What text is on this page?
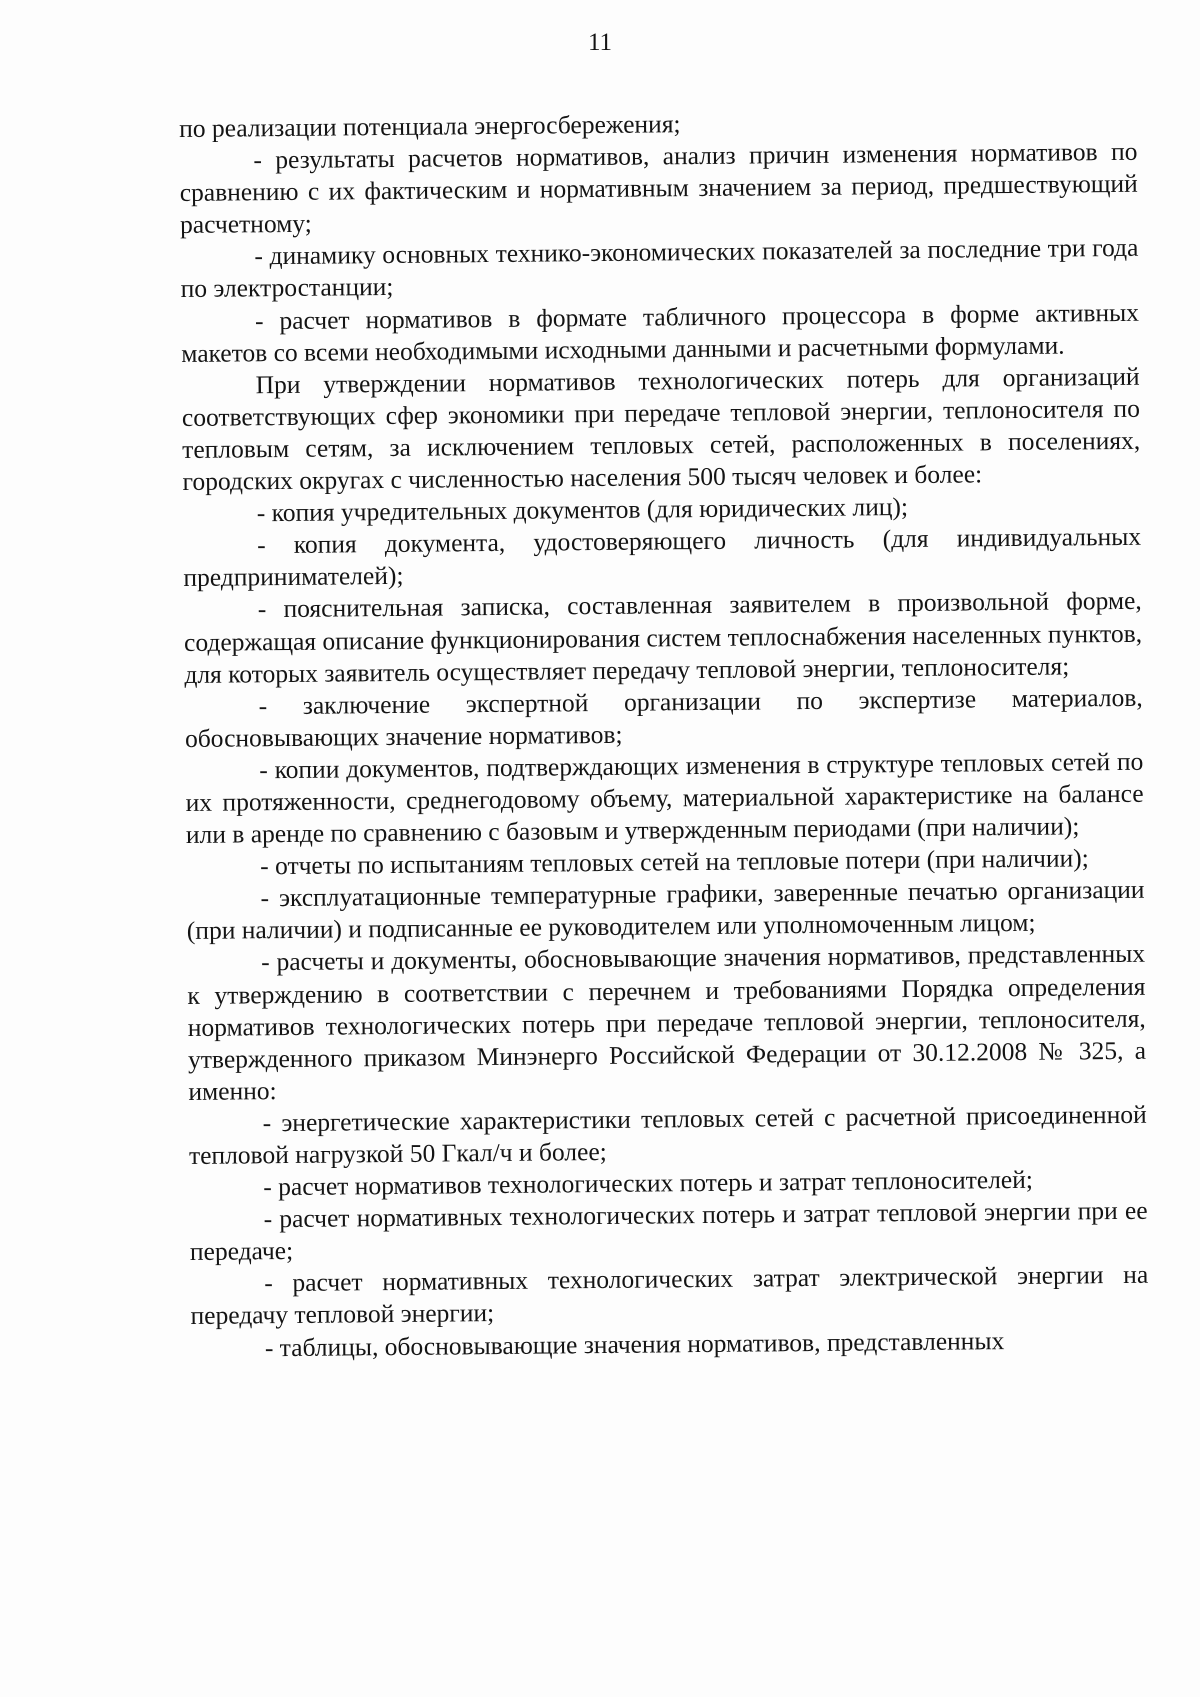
11

по реализации потенциала энергосбережения;

- результаты расчетов нормативов, анализ причин изменения нормативов по сравнению с их фактическим и нормативным значением за период, предшествующий расчетному;

- динамику основных технико-экономических показателей за последние три года по электростанции;

- расчет нормативов в формате табличного процессора в форме активных макетов со всеми необходимыми исходными данными и расчетными формулами.

При утверждении нормативов технологических потерь для организаций соответствующих сфер экономики при передаче тепловой энергии, теплоносителя по тепловым сетям, за исключением тепловых сетей, расположенных в поселениях, городских округах с численностью населения 500 тысяч человек и более:

- копия учредительных документов (для юридических лиц);

- копия документа, удостоверяющего личность (для индивидуальных предпринимателей);

- пояснительная записка, составленная заявителем в произвольной форме, содержащая описание функционирования систем теплоснабжения населенных пунктов, для которых заявитель осуществляет передачу тепловой энергии, теплоносителя;

- заключение экспертной организации по экспертизе материалов, обосновывающих значение нормативов;

- копии документов, подтверждающих изменения в структуре тепловых сетей по их протяженности, среднегодовому объему, материальной характеристике на балансе или в аренде по сравнению с базовым и утвержденным периодами (при наличии);

- отчеты по испытаниям тепловых сетей на тепловые потери (при наличии);

- эксплуатационные температурные графики, заверенные печатью организации (при наличии) и подписанные ее руководителем или уполномоченным лицом;

- расчеты и документы, обосновывающие значения нормативов, представленных к утверждению в соответствии с перечнем и требованиями Порядка определения нормативов технологических потерь при передаче тепловой энергии, теплоносителя, утвержденного приказом Минэнерго Российской Федерации от 30.12.2008 № 325, а именно:

- энергетические характеристики тепловых сетей с расчетной присоединенной тепловой нагрузкой 50 Гкал/ч и более;

- расчет нормативов технологических потерь и затрат теплоносителей;

- расчет нормативных технологических потерь и затрат тепловой энергии при ее передаче;

- расчет нормативных технологических затрат электрической энергии на передачу тепловой энергии;

- таблицы, обосновывающие значения нормативов, представленных
